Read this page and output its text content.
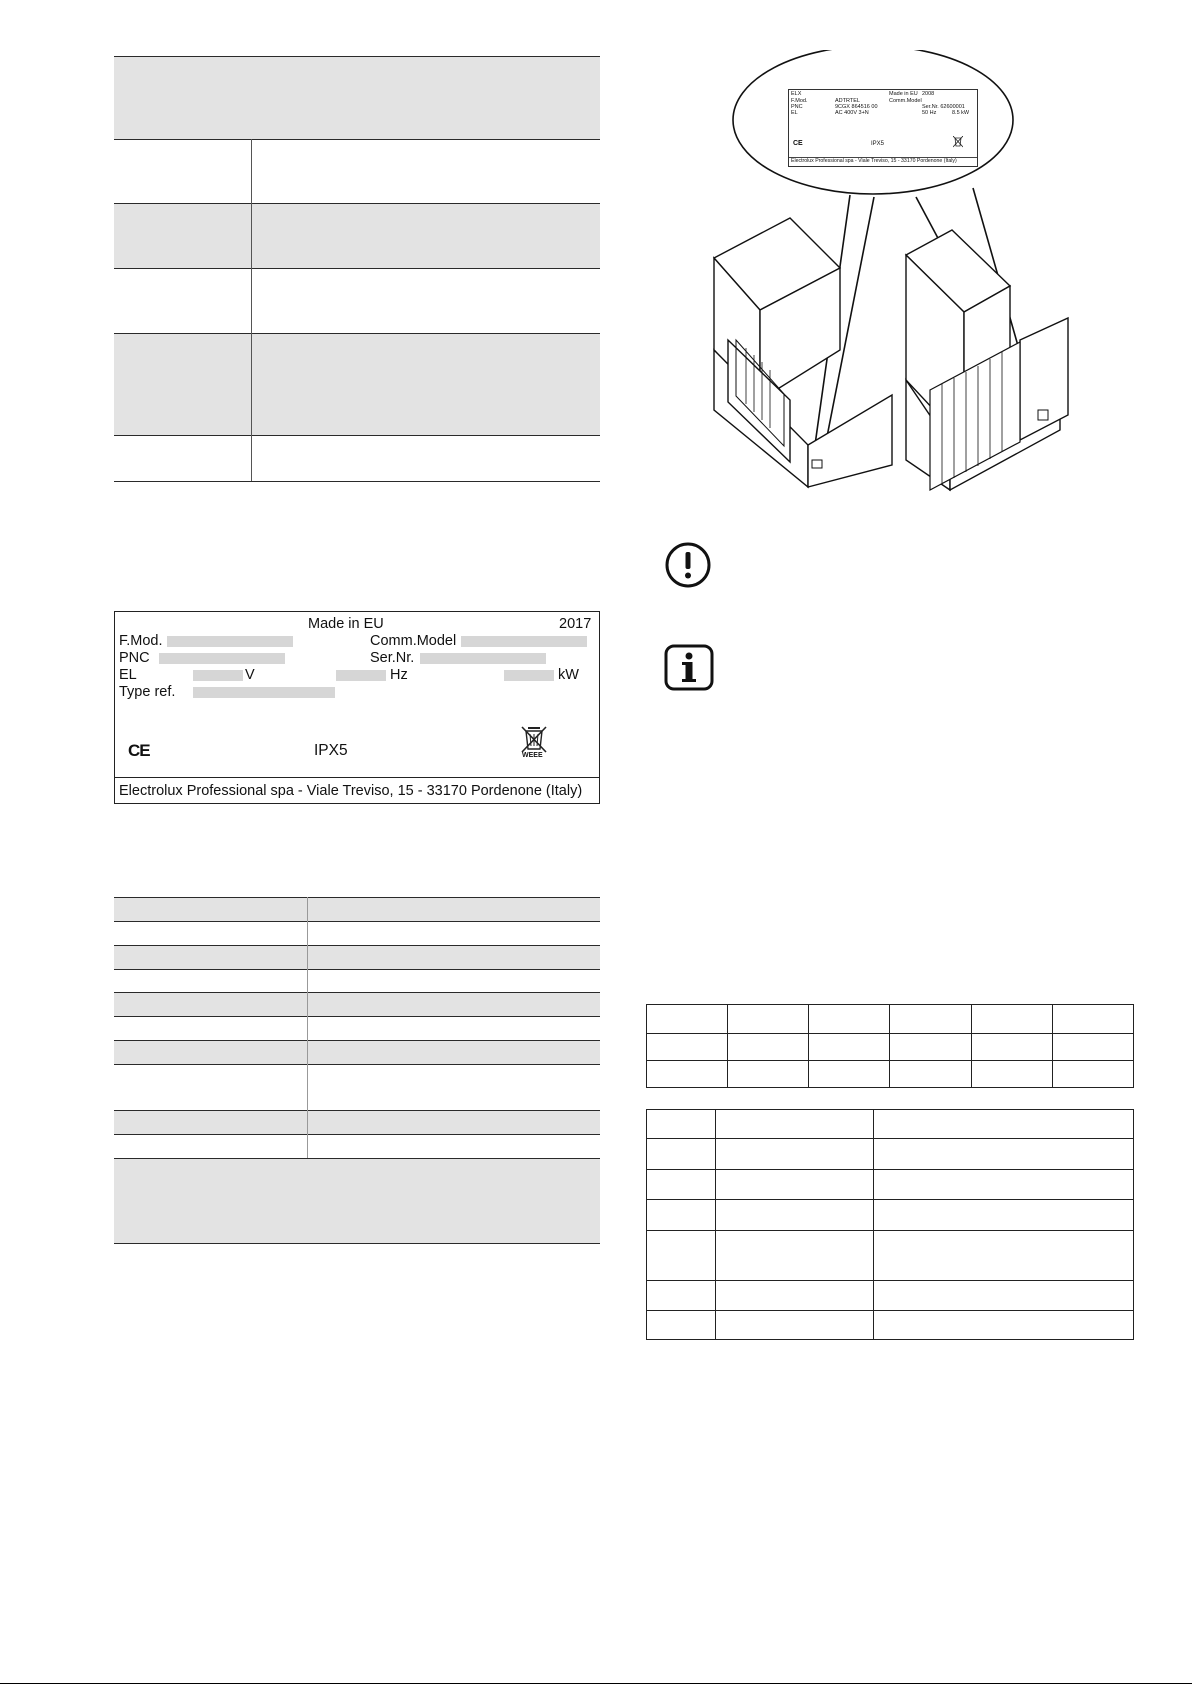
Made in EU	2017
F.Mod.	Comm.Model
PNC	Ser.Nr.
EL	V	Hz	kW
Type ref.
CE	IPX5	WEEE
Electrolux Professional spa - Viale Treviso, 15 - 33170 Pordenone (Italy)
ELX	Made in EU 2008
F.Mod.	ADTRTEL	Comm.Model
PNC	9CGX 864516 00	Ser.Nr. 62600001
EL	AC 400V 3+N	50 Hz	8.5 kW
CE	IPX5
Electrolux Professional spa - Viale Treviso, 15 - 33170 Pordenone (Italy)
